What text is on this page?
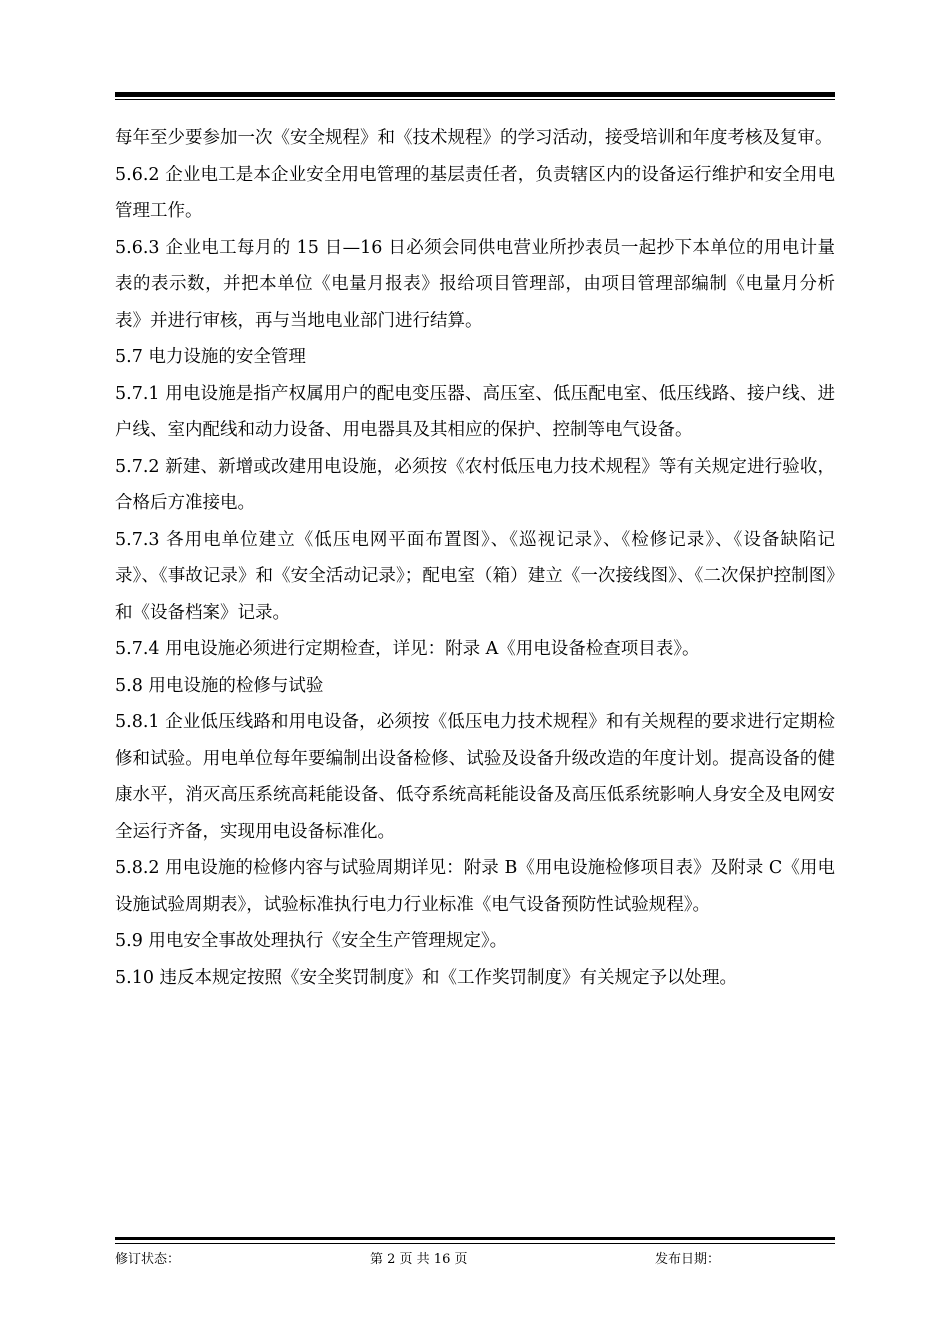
每年至少要参加一次《安全规程》和《技术规程》的学习活动，接受培训和年度考核及复审。

5.6.2 企业电工是本企业安全用电管理的基层责任者，负责辖区内的设备运行维护和安全用电管理工作。

5.6.3 企业电工每月的 15 日—16 日必须会同供电营业所抄表员一起抄下本单位的用电计量表的表示数，并把本单位《电量月报表》报给项目管理部，由项目管理部编制《电量月分析表》并进行审核，再与当地电业部门进行结算。

5.7 电力设施的安全管理

5.7.1 用电设施是指产权属用户的配电变压器、高压室、低压配电室、低压线路、接户线、进户线、室内配线和动力设备、用电器具及其相应的保护、控制等电气设备。

5.7.2 新建、新增或改建用电设施，必须按《农村低压电力技术规程》等有关规定进行验收，合格后方准接电。

5.7.3 各用电单位建立《低压电网平面布置图》、《巡视记录》、《检修记录》、《设备缺陷记录》、《事故记录》和《安全活动记录》；配电室（箱）建立《一次接线图》、《二次保护控制图》和《设备档案》记录。

5.7.4 用电设施必须进行定期检查，详见：附录 A《用电设备检查项目表》。

5.8 用电设施的检修与试验

5.8.1 企业低压线路和用电设备，必须按《低压电力技术规程》和有关规程的要求进行定期检修和试验。用电单位每年要编制出设备检修、试验及设备升级改造的年度计划。提高设备的健康水平，消灭高压系统高耗能设备、低夺系统高耗能设备及高压低系统影响人身安全及电网安全运行齐备，实现用电设备标准化。

5.8.2 用电设施的检修内容与试验周期详见：附录 B《用电设施检修项目表》及附录 C《用电设施试验周期表》，试验标准执行电力行业标准《电气设备预防性试验规程》。

5.9 用电安全事故处理执行《安全生产管理规定》。

5.10 违反本规定按照《安全奖罚制度》和《工作奖罚制度》有关规定予以处理。

修订状态：	第 2 页 共 16 页	发布日期：
